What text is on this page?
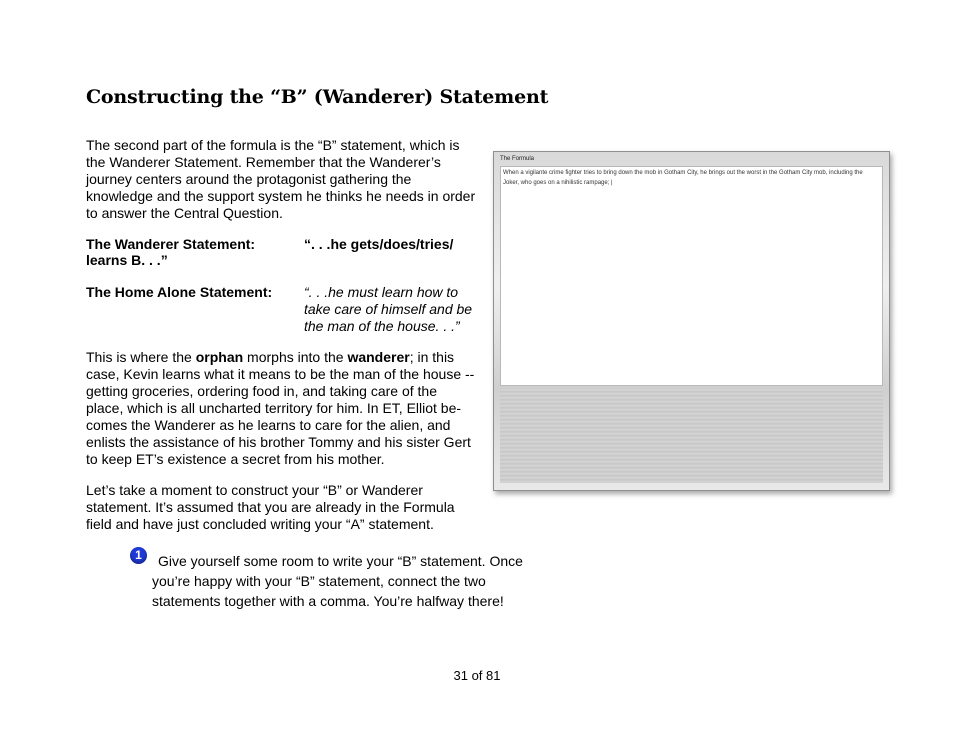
Constructing the “B” (Wanderer) Statement

The second part of the formula is the “B” statement, which is the Wanderer Statement. Remember that the Wanderer’s journey centers around the protagonist gathering the knowledge and the support system he thinks he needs in order to answer the Central Question.

The Wanderer Statement:	“. . .he gets/does/tries/
learns B. . .”
The Home Alone Statement: “. . .he must learn how to take care of himself and be the man of the house. . .”

This is where the orphan morphs into the wanderer; in this case, Kevin learns what it means to be the man of the house -- getting groceries, ordering food in, and taking care of the place, which is all uncharted territory for him. In ET, Elliot be-comes the Wanderer as he learns to care for the alien, and enlists the assistance of his brother Tommy and his sister Gert to keep ET’s existence a secret from his mother.

Let’s take a moment to construct your “B” or Wanderer statement. It’s assumed that you are already in the Formula field and have just concluded writing your “A” statement.

1	Give yourself some room to write your “B” statement. Once
you’re happy with your “B” statement, connect the two statements together with a comma. You’re halfway there!

The Formula
When a vigilante crime fighter tries to bring down the mob in Gotham City, he brings out the worst in the Gotham City mob, including the Joker, who goes on a nihilistic rampage; |
31 of 81
